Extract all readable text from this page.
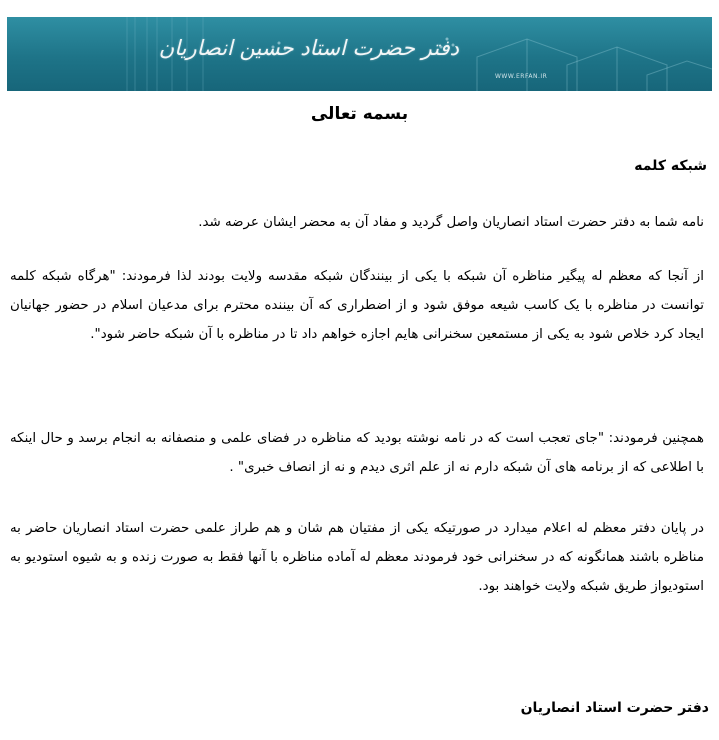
دفتر حضرت استاد حسین انصاریان
WWW.ERFAN.IR
بسمه تعالی
شبکه کلمه
نامه شما به دفتر حضرت استاد انصاریان واصل گردید و مفاد آن به محضر ایشان عرضه شد.
از آنجا که معظم له پیگیر مناظره آن شبکه با یکی از بینندگان شبکه مقدسه ولایت بودند لذا فرمودند: "هرگاه شبکه کلمه توانست در مناظره با یک کاسب شیعه موفق شود و از اضطراری که آن بیننده محترم برای مدعیان اسلام در حضور جهانیان ایجاد کرد خلاص شود به یکی از مستمعین سخنرانی هایم اجازه خواهم داد تا در مناظره با آن شبکه حاضر شود".
همچنین فرمودند: "جای تعجب است که در نامه نوشته بودید که مناظره در فضای علمی و منصفانه به انجام برسد و حال اینکه با اطلاعی که از برنامه های آن شبکه دارم نه از علم اثری دیدم و نه از انصاف خبری" .
در پایان دفتر معظم له اعلام میدارد در صورتیکه یکی از مفتیان هم شان و هم طراز علمی حضرت استاد انصاریان حاضر به مناظره باشند همانگونه که در سخنرانی خود فرمودند معظم له آماده مناظره با آنها فقط به صورت زنده و به شیوه استودیو به استودیواز طریق شبکه ولایت خواهند بود.
دفتر حضرت استاد انصاریان
